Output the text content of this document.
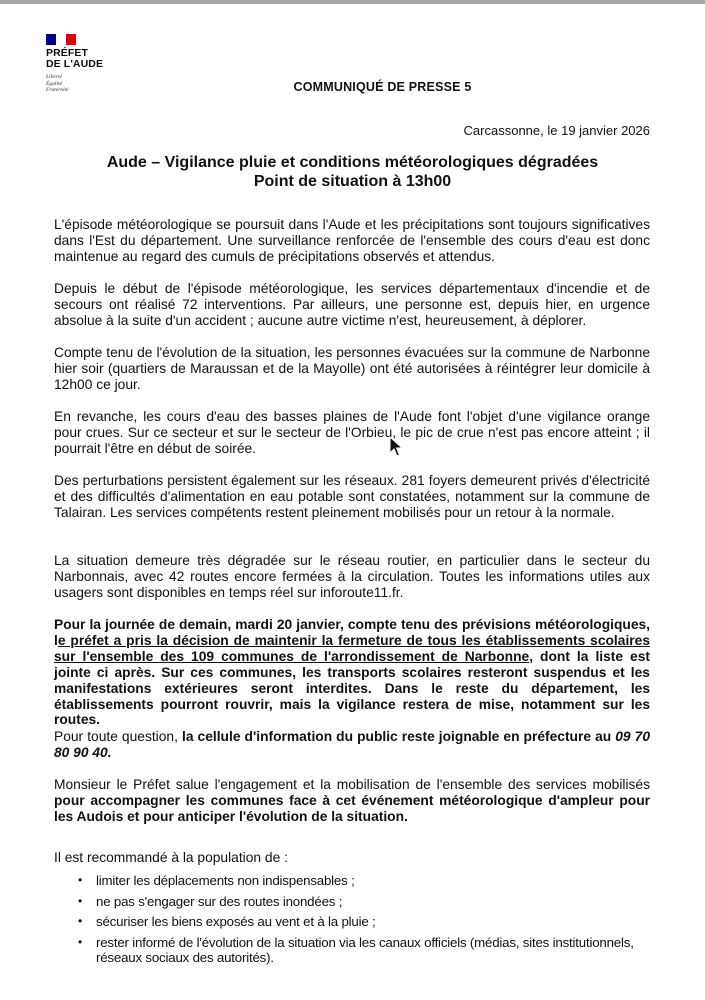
PRÉFET
DE L'AUDE
Liberté
Égalité
Fraternité	COMMUNIQUÉ DE PRESSE 5
Carcassonne, le 19 janvier 2026
Aude – Vigilance pluie et conditions météorologiques dégradées
Point de situation à 13h00

L'épisode météorologique se poursuit dans l'Aude et les précipitations sont toujours significatives dans l'Est du département. Une surveillance renforcée de l'ensemble des cours d'eau est donc maintenue au regard des cumuls de précipitations observés et attendus.

Depuis le début de l'épisode météorologique, les services départementaux d'incendie et de secours ont réalisé 72 interventions. Par ailleurs, une personne est, depuis hier, en urgence absolue à la suite d'un accident ; aucune autre victime n'est, heureusement, à déplorer.

Compte tenu de l'évolution de la situation, les personnes évacuées sur la commune de Narbonne hier soir (quartiers de Maraussan et de la Mayolle) ont été autorisées à réintégrer leur domicile à 12h00 ce jour.

En revanche, les cours d'eau des basses plaines de l'Aude font l'objet d'une vigilance orange pour crues. Sur ce secteur et sur le secteur de l'Orbieu, le pic de crue n'est pas encore atteint ; il pourrait l'être en début de soirée.

Des perturbations persistent également sur les réseaux. 281 foyers demeurent privés d'électricité et des difficultés d'alimentation en eau potable sont constatées, notamment sur la commune de Talairan. Les services compétents restent pleinement mobilisés pour un retour à la normale.

La situation demeure très dégradée sur le réseau routier, en particulier dans le secteur du Narbonnais, avec 42 routes encore fermées à la circulation. Toutes les informations utiles aux usagers sont disponibles en temps réel sur inforoute11.fr.

Pour la journée de demain, mardi 20 janvier, compte tenu des prévisions météorologiques, le préfet a pris la décision de maintenir la fermeture de tous les établissements scolaires sur l'ensemble des 109 communes de l'arrondissement de Narbonne, dont la liste est jointe ci après. Sur ces communes, les transports scolaires resteront suspendus et les manifestations extérieures seront interdites. Dans le reste du département, les établissements pourront rouvrir, mais la vigilance restera de mise, notamment sur les routes.

Pour toute question, la cellule d'information du public reste joignable en préfecture au 09 70 80 90 40.

Monsieur le Préfet salue l'engagement et la mobilisation de l'ensemble des services mobilisés pour accompagner les communes face à cet événement météorologique d'ampleur pour les Audois et pour anticiper l'évolution de la situation.

Il est recommandé à la population de :

• limiter les déplacements non indispensables ;
• ne pas s'engager sur des routes inondées ;
• sécuriser les biens exposés au vent et à la pluie ;
• rester informé de l'évolution de la situation via les canaux officiels (médias, sites institutionnels, réseaux sociaux des autorités).
